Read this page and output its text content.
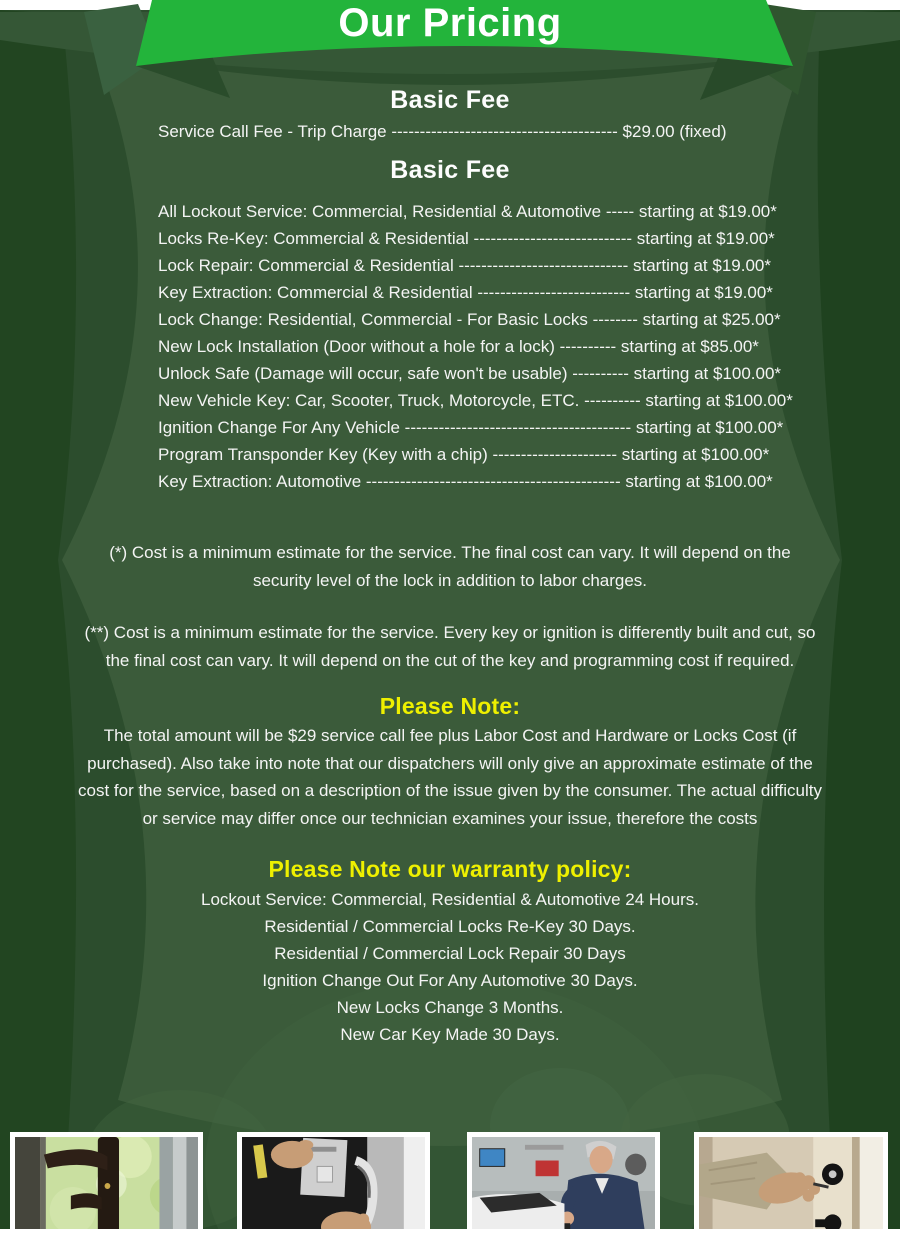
Our Pricing
Basic Fee
Service Call Fee - Trip Charge ---------------------------------------- $29.00 (fixed)
Basic Fee
All Lockout Service: Commercial, Residential & Automotive ----- starting at $19.00*
Locks Re-Key: Commercial & Residential ---------------------------- starting at $19.00*
Lock Repair: Commercial & Residential ------------------------------ starting at $19.00*
Key Extraction: Commercial & Residential --------------------------- starting at $19.00*
Lock Change: Residential, Commercial - For Basic Locks -------- starting at $25.00*
New Lock Installation (Door without a hole for a lock) ---------- starting at $85.00*
Unlock Safe (Damage will occur, safe won't be usable) ---------- starting at $100.00*
New Vehicle Key: Car, Scooter, Truck, Motorcycle, ETC. ---------- starting at $100.00*
Ignition Change For Any Vehicle ---------------------------------------- starting at $100.00*
Program Transponder Key (Key with a chip) ---------------------- starting at $100.00*
Key Extraction: Automotive --------------------------------------------- starting at $100.00*

(*) Cost is a minimum estimate for the service. The final cost can vary. It will depend on the security level of the lock in addition to labor charges.

(**) Cost is a minimum estimate for the service. Every key or ignition is differently built and cut, so the final cost can vary. It will depend on the cut of the key and programming cost if required.

Please Note:

The total amount will be $29 service call fee plus Labor Cost and Hardware or Locks Cost (if purchased). Also take into note that our dispatchers will only give an approximate estimate of the cost for the service, based on a description of the issue given by the consumer. The actual difficulty or service may differ once our technician examines your issue, therefore the costs

Please Note our warranty policy:
Lockout Service: Commercial, Residential & Automotive 24 Hours.
Residential / Commercial Locks Re-Key 30 Days.
Residential / Commercial Lock Repair 30 Days
Ignition Change Out For Any Automotive 30 Days.
New Locks Change 3 Months.
New Car Key Made 30 Days.
